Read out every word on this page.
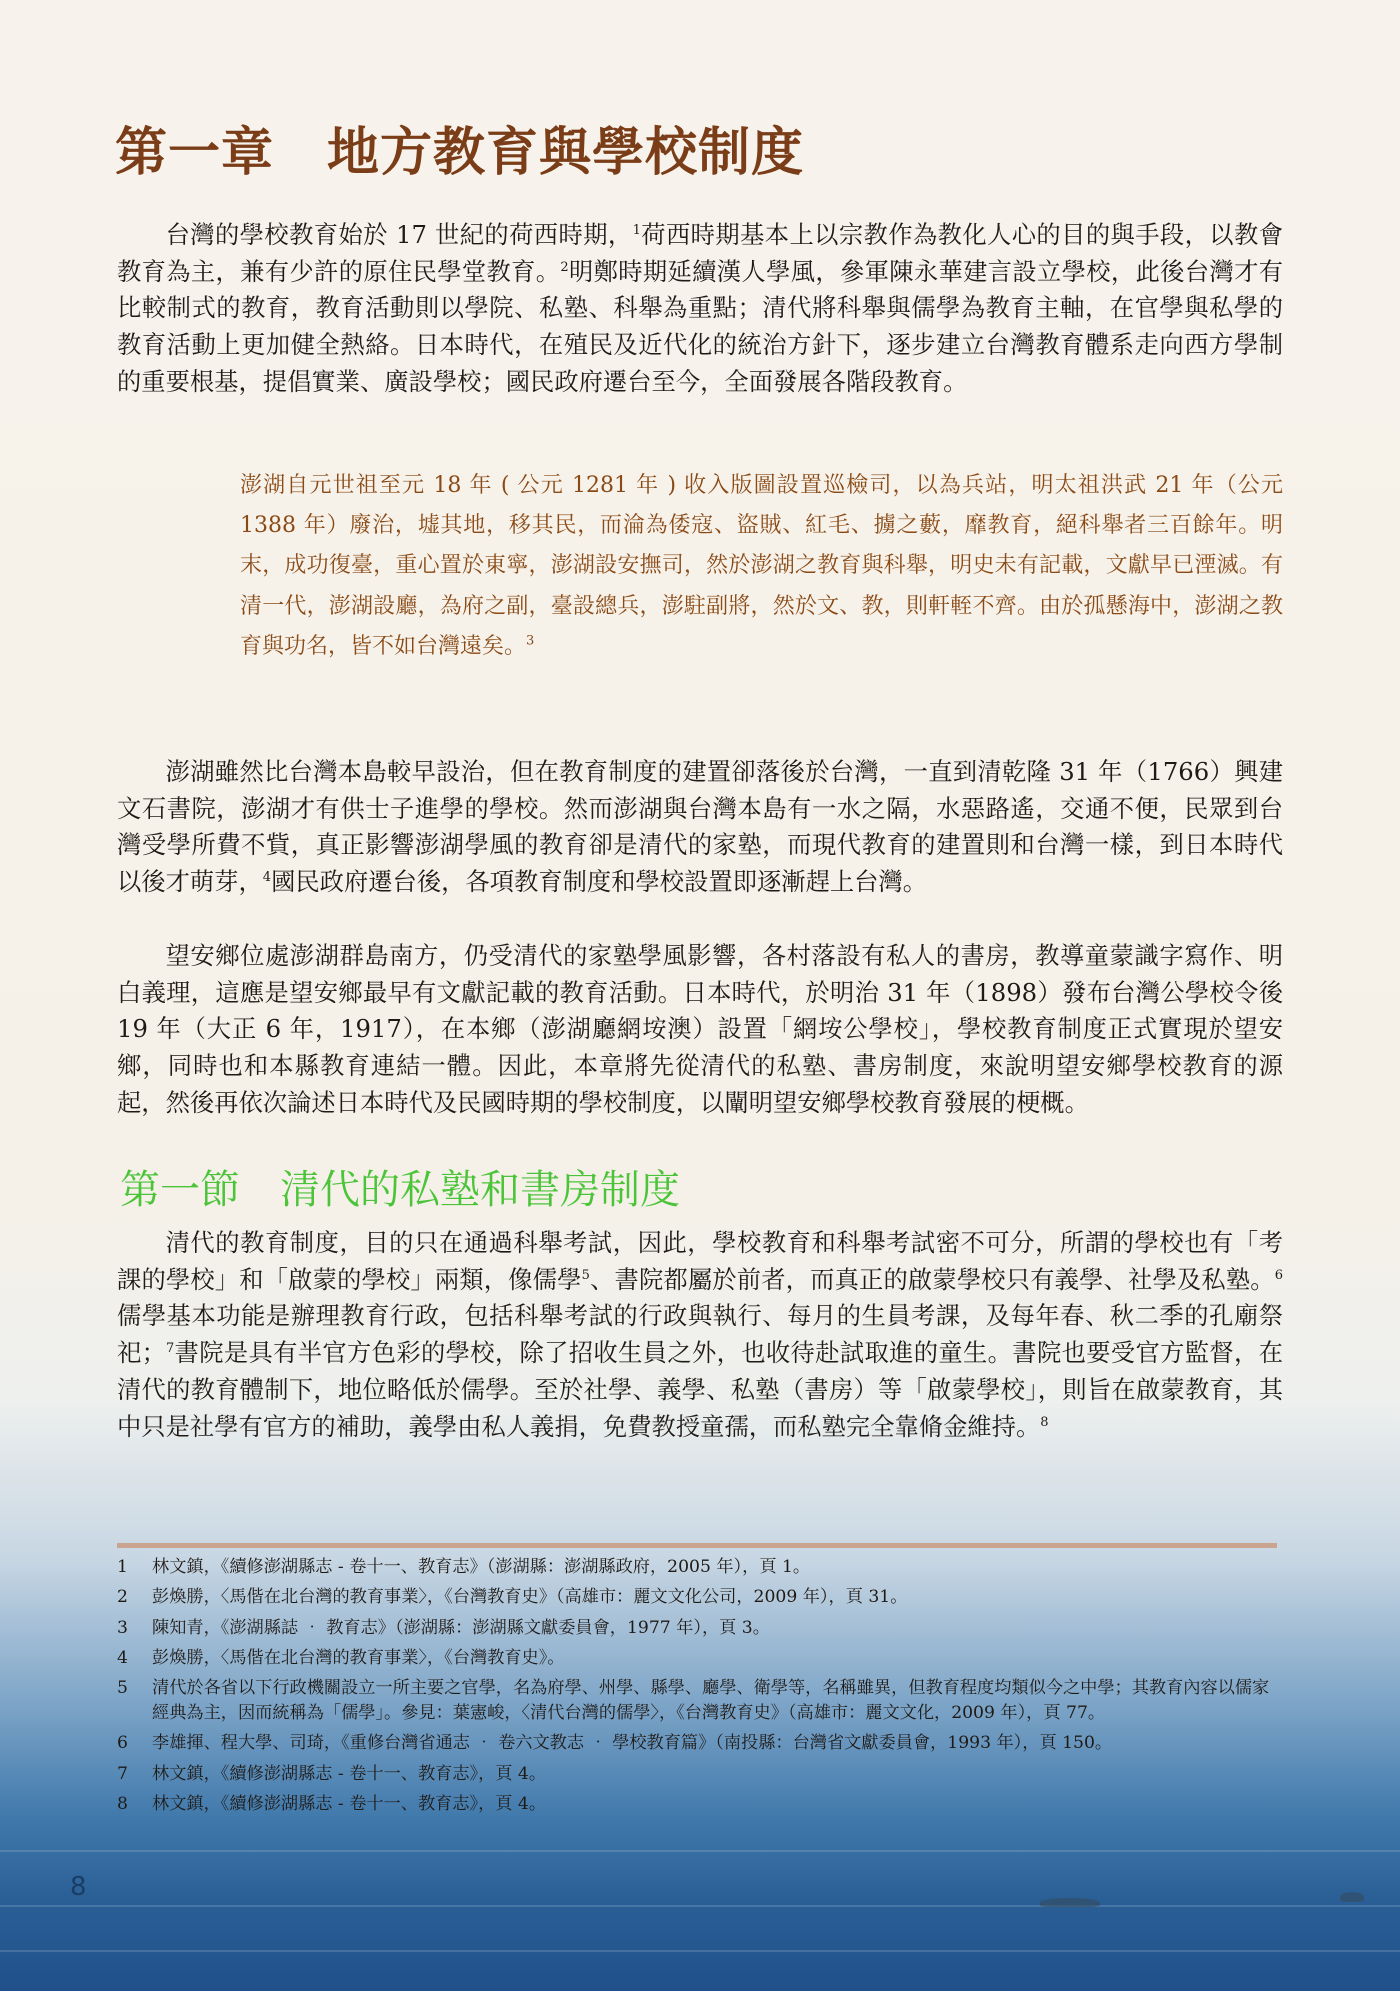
第一章　地方教育與學校制度

台灣的學校教育始於 17 世紀的荷西時期，$^1$荷西時期基本上以宗教作為教化人心的目的與手段，以教會教育為主，兼有少許的原住民學堂教育。$^2$明鄭時期延續漢人學風，參軍陳永華建言設立學校，此後台灣才有比較制式的教育，教育活動則以學院、私塾、科舉為重點；清代將科舉與儒學為教育主軸，在官學與私學的教育活動上更加健全熱絡。日本時代，在殖民及近代化的統治方針下，逐步建立台灣教育體系走向西方學制的重要根基，提倡實業、廣設學校；國民政府遷台至今，全面發展各階段教育。

澎湖自元世祖至元 18 年 ( 公元 1281 年 ) 收入版圖設置巡檢司，以為兵站，明太祖洪武 21 年（公元 1388 年）廢治，墟其地，移其民，而淪為倭寇、盜賊、紅毛、擄之藪，靡教育，絕科舉者三百餘年。明末，成功復臺，重心置於東寧，澎湖設安撫司，然於澎湖之教育與科舉，明史未有記載，文獻早已湮滅。有清一代，澎湖設廳，為府之副，臺設總兵，澎駐副將，然於文、教，則軒輊不齊。由於孤懸海中，澎湖之教育與功名，皆不如台灣遠矣。$^3$

澎湖雖然比台灣本島較早設治，但在教育制度的建置卻落後於台灣，一直到清乾隆 31 年（1766）興建文石書院，澎湖才有供士子進學的學校。然而澎湖與台灣本島有一水之隔，水惡路遙，交通不便，民眾到台灣受學所費不貲，真正影響澎湖學風的教育卻是清代的家塾，而現代教育的建置則和台灣一樣，到日本時代以後才萌芽，$^4$國民政府遷台後，各項教育制度和學校設置即逐漸趕上台灣。

望安鄉位處澎湖群島南方，仍受清代的家塾學風影響，各村落設有私人的書房，教導童蒙識字寫作、明白義理，這應是望安鄉最早有文獻記載的教育活動。日本時代，於明治 31 年（1898）發布台灣公學校令後 19 年（大正 6 年，1917），在本鄉（澎湖廳網垵澳）設置「網垵公學校」，學校教育制度正式實現於望安鄉，同時也和本縣教育連結一體。因此，本章將先從清代的私塾、書房制度，來說明望安鄉學校教育的源起，然後再依次論述日本時代及民國時期的學校制度，以闡明望安鄉學校教育發展的梗概。

第一節　清代的私塾和書房制度

清代的教育制度，目的只在通過科舉考試，因此，學校教育和科舉考試密不可分，所謂的學校也有「考課的學校」和「啟蒙的學校」兩類，像儒學$^5$、書院都屬於前者，而真正的啟蒙學校只有義學、社學及私塾。$^6$儒學基本功能是辦理教育行政，包括科舉考試的行政與執行、每月的生員考課，及每年春、秋二季的孔廟祭祀；$^7$書院是具有半官方色彩的學校，除了招收生員之外，也收待赴試取進的童生。書院也要受官方監督，在清代的教育體制下，地位略低於儒學。至於社學、義學、私塾（書房）等「啟蒙學校」，則旨在啟蒙教育，其中只是社學有官方的補助，義學由私人義捐，免費教授童孺，而私塾完全靠脩金維持。$^8$

1 林文鎮，《續修澎湖縣志 - 卷十一、教育志》（澎湖縣：澎湖縣政府，2005 年），頁 1。
2 彭煥勝，〈馬偕在北台灣的教育事業〉，《台灣教育史》（高雄市：麗文文化公司，2009 年），頁 31。
3 陳知青，《澎湖縣誌 ‧ 教育志》（澎湖縣：澎湖縣文獻委員會，1977 年），頁 3。
4 彭煥勝，〈馬偕在北台灣的教育事業〉，《台灣教育史》。
5 清代於各省以下行政機關設立一所主要之官學，名為府學、州學、縣學、廳學、衛學等，名稱雖異，但教育程度均類似今之中學；其教育內容以儒家經典為主，因而統稱為「儒學」。參見：葉憲峻，〈清代台灣的儒學〉，《台灣教育史》（高雄市：麗文文化，2009 年），頁 77。
6 李雄揮、程大學、司琦，《重修台灣省通志 ‧ 卷六文教志 ‧ 學校教育篇》（南投縣：台灣省文獻委員會，1993 年），頁 150。
7 林文鎮，《續修澎湖縣志 - 卷十一、教育志》，頁 4。
8 林文鎮，《續修澎湖縣志 - 卷十一、教育志》，頁 4。
8
